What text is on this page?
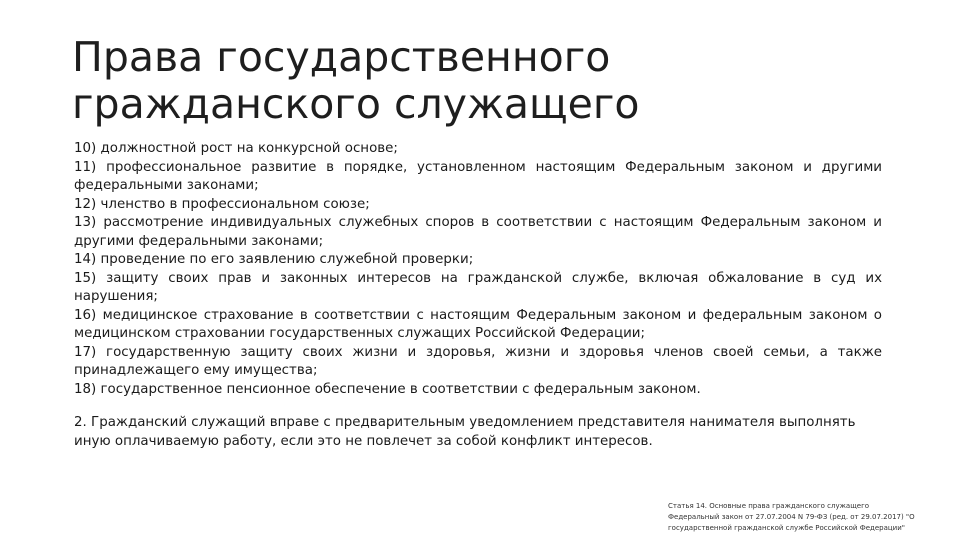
Права государственного
гражданского служащего

10) должностной рост на конкурсной основе;

11) профессиональное развитие в порядке, установленном настоящим Федеральным законом и другими федеральными законами;

12) членство в профессиональном союзе;

13) рассмотрение индивидуальных служебных споров в соответствии с настоящим Федеральным законом и другими федеральными законами;

14) проведение по его заявлению служебной проверки;

15) защиту своих прав и законных интересов на гражданской службе, включая обжалование в суд их нарушения;

16) медицинское страхование в соответствии с настоящим Федеральным законом и федеральным законом о медицинском страховании государственных служащих Российской Федерации;

17) государственную защиту своих жизни и здоровья, жизни и здоровья членов своей семьи, а также принадлежащего ему имущества;

18) государственное пенсионное обеспечение в соответствии с федеральным законом.

2. Гражданский служащий вправе с предварительным уведомлением представителя нанимателя выполнять иную оплачиваемую работу, если это не повлечет за собой конфликт интересов.

Статья 14. Основные права гражданского служащего
Федеральный закон от 27.07.2004 N 79-ФЗ (ред. от 29.07.2017) "О
государственной гражданской службе Российской Федерации"
